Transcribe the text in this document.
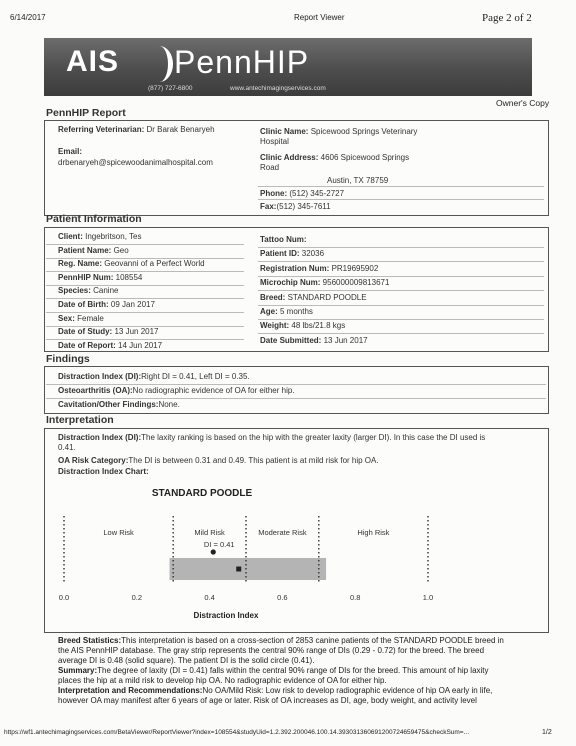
6/14/2017	Report Viewer	Page 2 of 2
AIS PennHIP
(877) 727-6800	www.antechimagingservices.com
Owner's Copy
PennHIP Report
Referring Veterinarian: Dr Barak Benaryeh
Email:
drbenaryeh@spicewoodanimalhospital.com
Clinic Name: Spicewood Springs Veterinary
Hospital
Clinic Address: 4606 Spicewood Springs
Road
Austin, TX 78759
Phone: (512) 345-2727
Fax:(512) 345-7611
Patient Information
Client: Ingebritson, Tes
Patient Name: Geo
Reg. Name: Geovanni of a Perfect World
PennHIP Num: 108554
Species: Canine
Date of Birth: 09 Jan 2017
Sex: Female
Date of Study: 13 Jun 2017
Date of Report: 14 Jun 2017
Tattoo Num:
Patient ID: 32036
Registration Num: PR19695902
Microchip Num: 956000009813671
Breed: STANDARD POODLE
Age: 5 months
Weight: 48 lbs/21.8 kgs
Date Submitted: 13 Jun 2017
Findings
Distraction Index (DI):Right DI = 0.41, Left DI = 0.35.
Osteoarthritis (OA):No radiographic evidence of OA for either hip.
Cavitation/Other Findings:None.
Interpretation
Distraction Index (DI):The laxity ranking is based on the hip with the greater laxity (larger DI). In this case the DI used is
0.41.
OA Risk Category:The DI is between 0.31 and 0.49. This patient is at mild risk for hip OA.
Distraction Index Chart:
STANDARD POODLE
Low Risk	Mild Risk	Moderate Risk	High Risk
DI = 0.41
0.0	0.2	0.4	0.6	0.8	1.0
Distraction Index
Breed Statistics:This interpretation is based on a cross-section of 2853 canine patients of the STANDARD POODLE breed in
the AIS PennHIP database. The gray strip represents the central 90% range of DIs (0.29 - 0.72) for the breed. The breed
average DI is 0.48 (solid square). The patient DI is the solid circle (0.41).
Summary:The degree of laxity (DI = 0.41) falls within the central 90% range of DIs for the breed. This amount of hip laxity
places the hip at a mild risk to develop hip OA. No radiographic evidence of OA for either hip.
Interpretation and Recommendations:No OA/Mild Risk: Low risk to develop radiographic evidence of hip OA early in life,
however OA may manifest after 6 years of age or later. Risk of OA increases as DI, age, body weight, and activity level
https://wf1.antechimagingservices.com/BetaViewer/ReportViewer?index=108554&studyUid=1.2.392.200046.100.14.393031360691200724659475&checkSum=...	1/2
